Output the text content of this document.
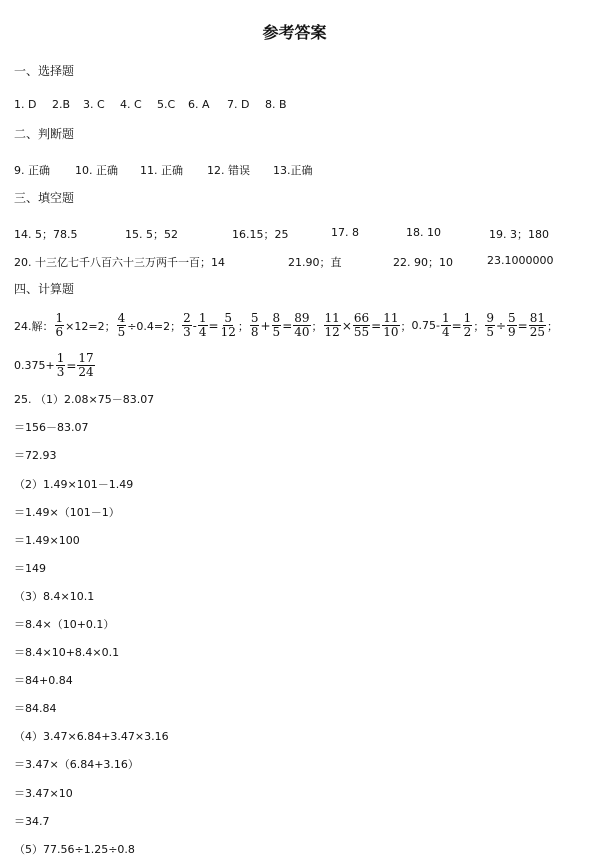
参考答案
一、选择题
1. D 2.B 3. C 4. C 5.C 6. A 7. D 8. B
二、判断题
9. 正确 10. 正确 11. 正确 12. 错误 13.正确
三、填空题
14. 5；78.5	15. 5；52	16.15；25	17. 8	18. 10	19. 3；180
20. 十三亿七千八百六十三万两千一百；14	21.90；直	22. 90；10	23.1000000
四、计算题
24.解： $\frac{1}{6} \times 12=2$； $\frac{4}{5} \div 0.4=2$； $\frac{2}{3} - \frac{1}{4} = \frac{5}{12}$ ； $\frac{5}{8} + \frac{8}{5} = \frac{89}{40}$ ； $\frac{11}{12} \times \frac{66}{55} = \frac{11}{10}$ ； $0.75- \frac{1}{4} = \frac{1}{2}$ ； $\frac{9}{5} \div \frac{5}{9} = \frac{81}{25}$ ；
$0.375+ \frac{1}{3} = \frac{17}{24}$
25. （1）2.08×75－83.07
＝156－83.07
＝72.93
（2）1.49×101－1.49
＝1.49×（101－1）
＝1.49×100
＝149
（3）8.4×10.1
＝8.4×（10+0.1）
＝8.4×10+8.4×0.1
＝84+0.84
＝84.84
（4）3.47×6.84+3.47×3.16
＝3.47×（6.84+3.16）
＝3.47×10
＝34.7
（5）77.56÷1.25÷0.8
